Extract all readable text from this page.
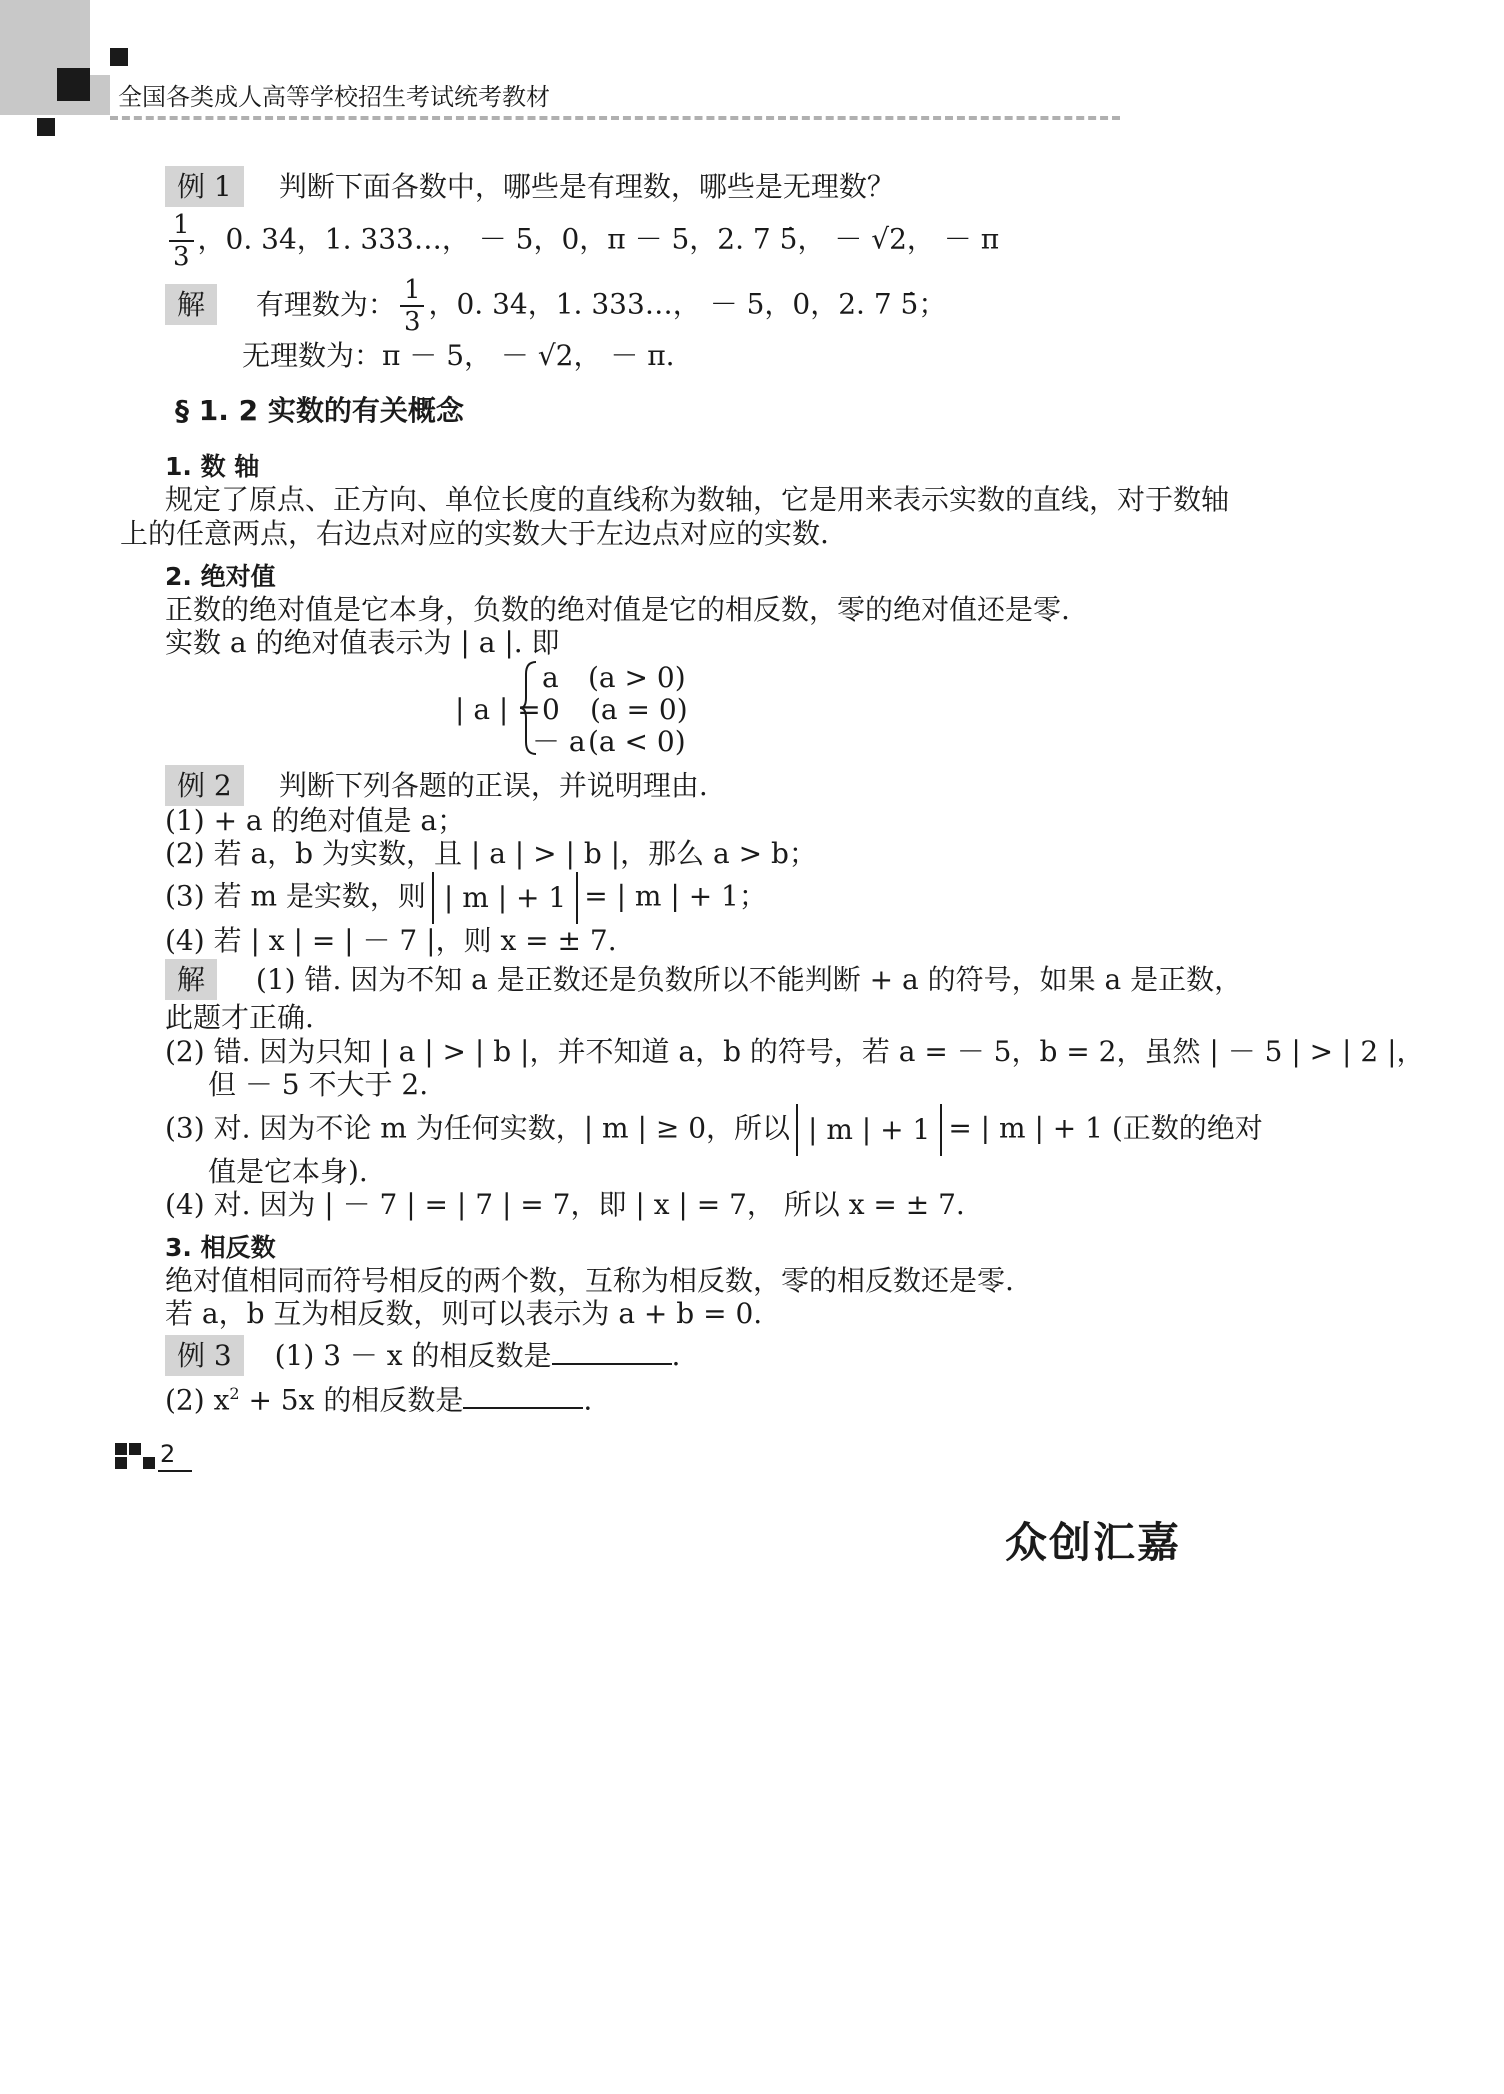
全国各类成人高等学校招生考试统考教材
例 1 判断下面各数中，哪些是有理数，哪些是无理数？
$\frac{1}{3}$ ，0. 34，1. 333…， － 5，0，π － 5，2. 7 5̇， － √2， － π
解 有理数为： $\frac{1}{3}$ ，0. 34，1. 333…， － 5，0，2. 7 5̇；
无理数为：π － 5， － √2， － π.
§ 1. 2 实数的有关概念
1. 数 轴
规定了原点、正方向、单位长度的直线称为数轴，它是用来表示实数的直线，对于数轴
上的任意两点，右边点对应的实数大于左边点对应的实数.
2. 绝对值
正数的绝对值是它本身，负数的绝对值是它的相反数，零的绝对值还是零.
实数 a 的绝对值表示为 | a |. 即
| a | =
a (a > 0)
0 (a = 0)
－ a (a < 0)
例 2 判断下列各题的正误，并说明理由.
(1) + a 的绝对值是 a；
(2) 若 a，b 为实数，且 | a | > | b |，那么 a > b；
(3) 若 m 是实数，则 | m | + 1 = | m | + 1；
(4) 若 | x | = | － 7 |，则 x = ± 7.
解 (1) 错. 因为不知 a 是正数还是负数所以不能判断 + a 的符号，如果 a 是正数，
此题才正确.
(2) 错. 因为只知 | a | > | b |，并不知道 a，b 的符号，若 a = － 5，b = 2，虽然 | － 5 | > | 2 |，
但 － 5 不大于 2.
(3) 对. 因为不论 m 为任何实数，| m | ≥ 0，所以 | m | + 1 = | m | + 1 (正数的绝对
值是它本身).
(4) 对. 因为 | － 7 | = | 7 | = 7，即 | x | = 7， 所以 x = ± 7.
3. 相反数
绝对值相同而符号相反的两个数，互称为相反数，零的相反数还是零.
若 a，b 互为相反数，则可以表示为 a + b = 0.
例 3 (1) 3 － x 的相反数是	.
(2) $x^2 + 5x$ 的相反数是	.
2
众创汇嘉
